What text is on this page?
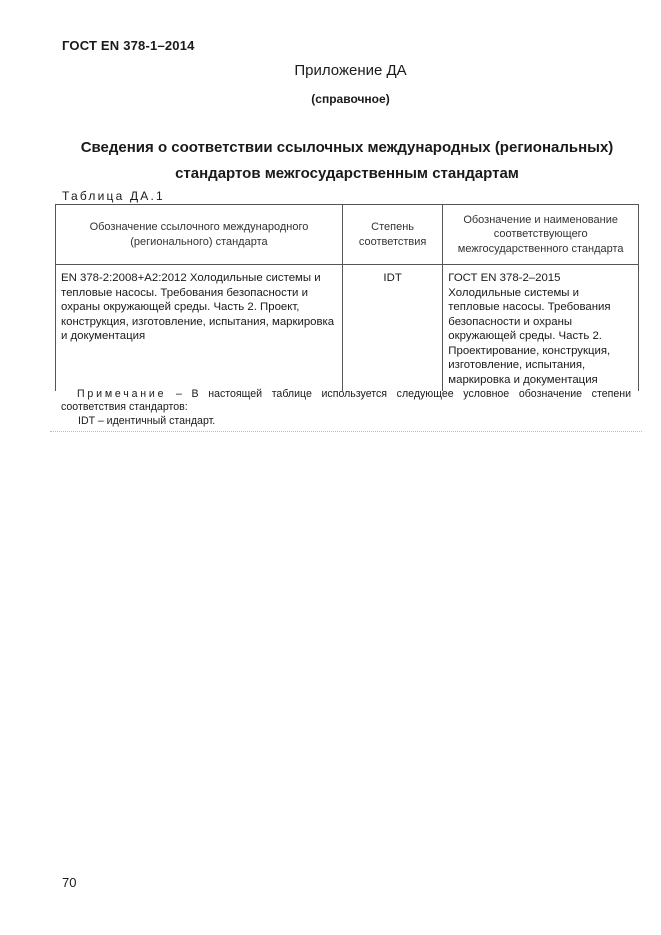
ГОСТ EN 378-1–2014
Приложение ДА
(справочное)
Сведения о соответствии ссылочных международных (региональных)
стандартов межгосударственным стандартам
Таблица ДА.1
Обозначение ссылочного международного (регионального) стандарта	Степень соответствия	Обозначение и наименование соответствующего межгосударственного стандарта
EN 378-2:2008+A2:2012 Холодильные системы и тепловые насосы. Требования безопасности и охраны окружающей среды. Часть 2. Проект, конструкция, изготовление, испытания, маркировка и документация	IDT	ГОСТ EN 378-2–2015 Холодильные системы и тепловые насосы. Требования безопасности и охраны окружающей среды. Часть 2. Проектирование, конструкция, изготовление, испытания, маркировка и документация
Примечание – В настоящей таблице используется следующее условное обозначение степени соответствия стандартов:
IDT – идентичный стандарт.
70
